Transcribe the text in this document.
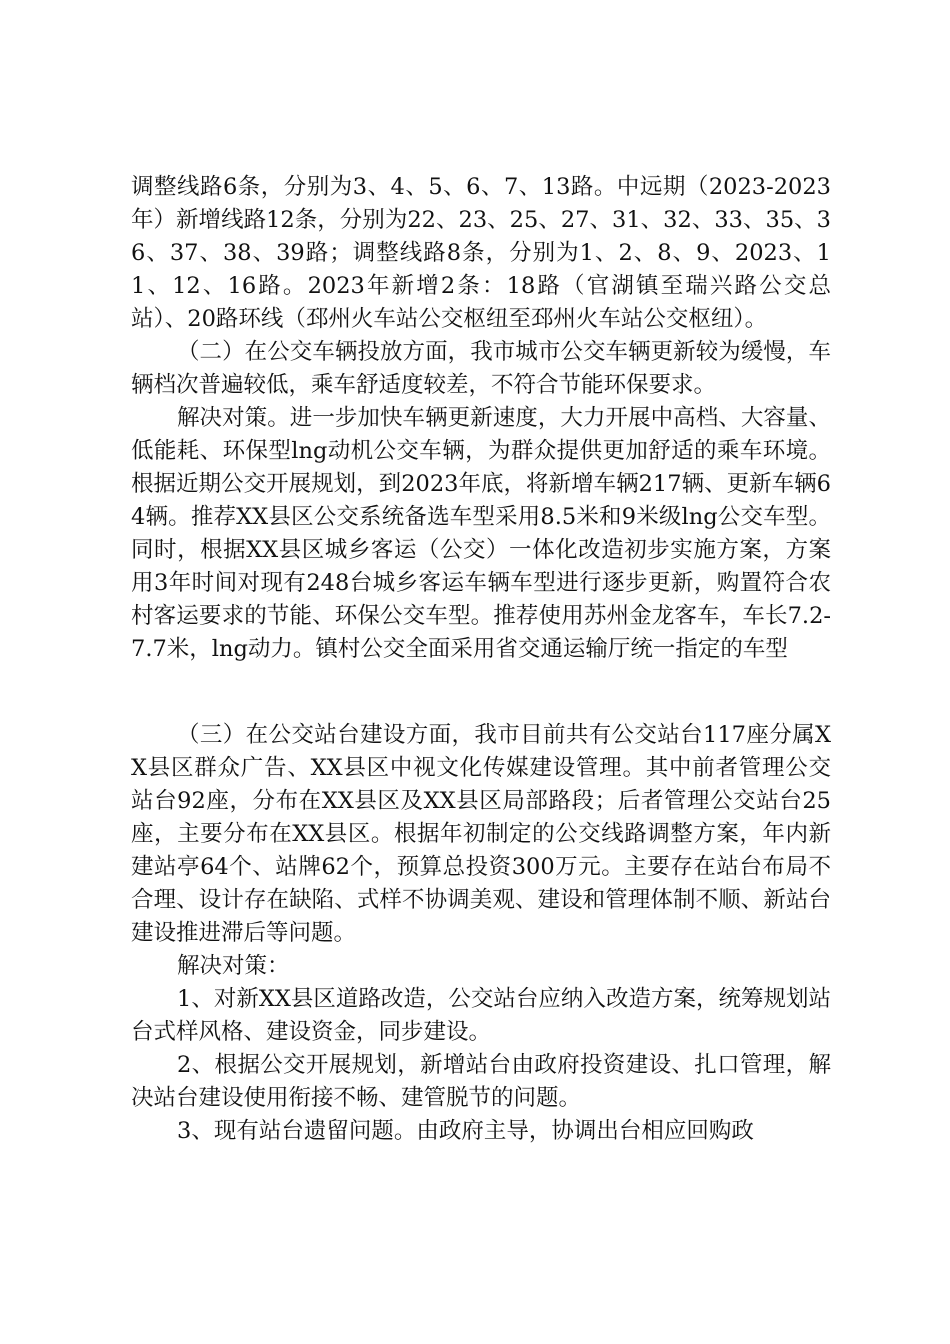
调整线路6条，分别为3、4、5、6、7、13路。中远期（2023-2023年）新增线路12条，分别为22、23、25、27、31、32、33、35、36、37、38、39路；调整线路8条，分别为1、2、8、9、2023、11、12、16路。2023年新增2条：18路（官湖镇至瑞兴路公交总站）、20路环线（邳州火车站公交枢纽至邳州火车站公交枢纽）。

（二）在公交车辆投放方面，我市城市公交车辆更新较为缓慢，车辆档次普遍较低，乘车舒适度较差，不符合节能环保要求。

解决对策。进一步加快车辆更新速度，大力开展中高档、大容量、低能耗、环保型lng动机公交车辆，为群众提供更加舒适的乘车环境。根据近期公交开展规划，到2023年底，将新增车辆217辆、更新车辆64辆。推荐XX县区公交系统备选车型采用8.5米和9米级lng公交车型。同时，根据XX县区城乡客运（公交）一体化改造初步实施方案，方案用3年时间对现有248台城乡客运车辆车型进行逐步更新，购置符合农村客运要求的节能、环保公交车型。推荐使用苏州金龙客车，车长7.2-7.7米，lng动力。镇村公交全面采用省交通运输厅统一指定的车型

（三）在公交站台建设方面，我市目前共有公交站台117座分属XX县区群众广告、XX县区中视文化传媒建设管理。其中前者管理公交站台92座，分布在XX县区及XX县区局部路段；后者管理公交站台25座，主要分布在XX县区。根据年初制定的公交线路调整方案，年内新建站亭64个、站牌62个，预算总投资300万元。主要存在站台布局不合理、设计存在缺陷、式样不协调美观、建设和管理体制不顺、新站台建设推进滞后等问题。

解决对策：

1、对新XX县区道路改造，公交站台应纳入改造方案，统筹规划站台式样风格、建设资金，同步建设。

2、根据公交开展规划，新增站台由政府投资建设、扎口管理，解决站台建设使用衔接不畅、建管脱节的问题。

3、现有站台遗留问题。由政府主导，协调出台相应回购政
